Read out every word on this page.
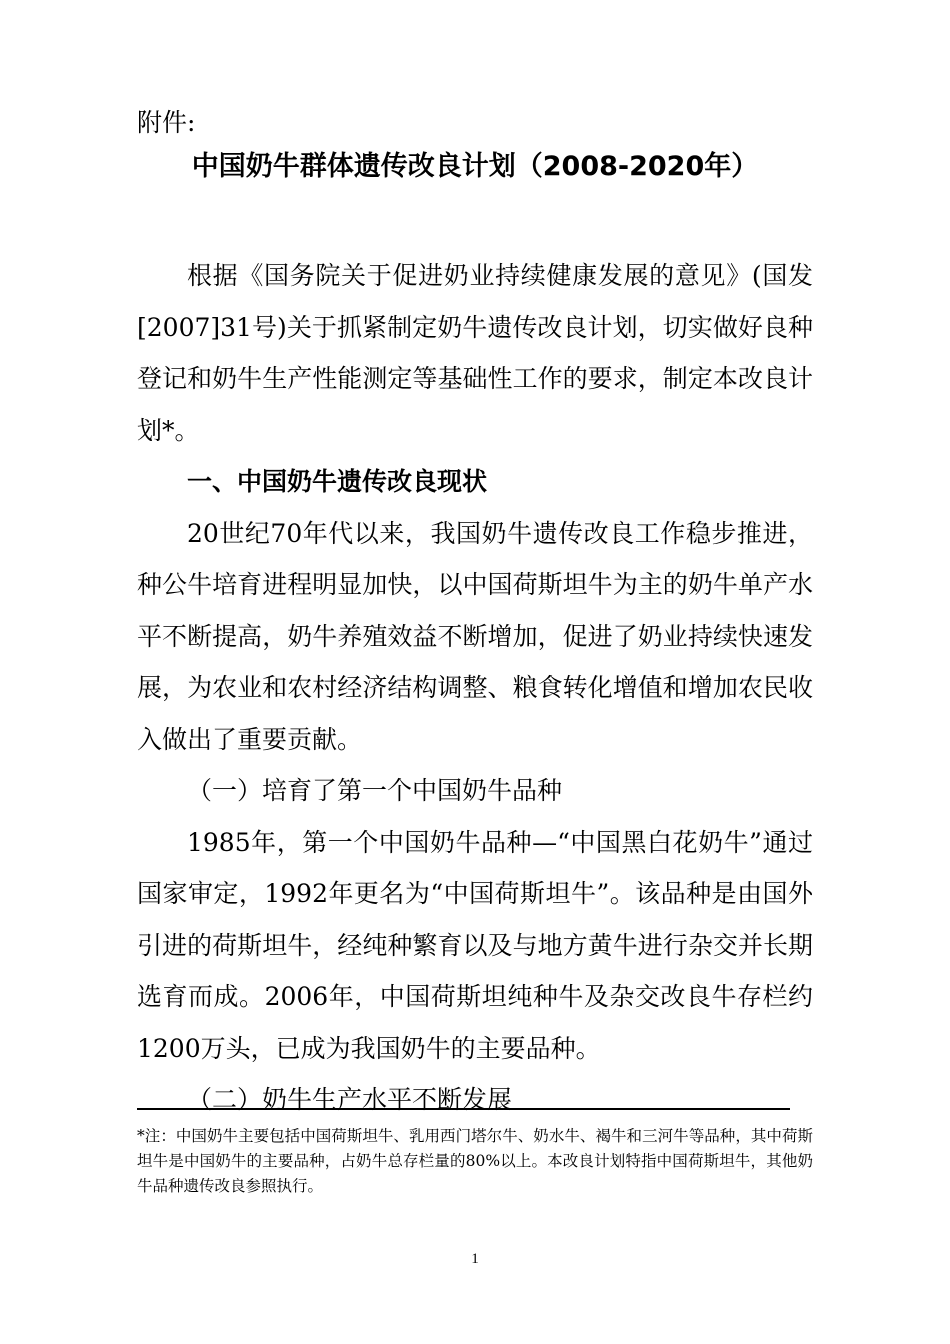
附件:
中国奶牛群体遗传改良计划（2008-2020年）

根据《国务院关于促进奶业持续健康发展的意见》(国发[2007]31号)关于抓紧制定奶牛遗传改良计划，切实做好良种登记和奶牛生产性能测定等基础性工作的要求，制定本改良计划*。

一、中国奶牛遗传改良现状

20世纪70年代以来，我国奶牛遗传改良工作稳步推进，种公牛培育进程明显加快，以中国荷斯坦牛为主的奶牛单产水平不断提高，奶牛养殖效益不断增加，促进了奶业持续快速发展，为农业和农村经济结构调整、粮食转化增值和增加农民收入做出了重要贡献。

（一）培育了第一个中国奶牛品种

1985年，第一个中国奶牛品种—“中国黑白花奶牛”通过国家审定，1992年更名为“中国荷斯坦牛”。该品种是由国外引进的荷斯坦牛，经纯种繁育以及与地方黄牛进行杂交并长期选育而成。2006年，中国荷斯坦纯种牛及杂交改良牛存栏约1200万头，已成为我国奶牛的主要品种。

（二）奶牛生产水平不断发展

*注：中国奶牛主要包括中国荷斯坦牛、乳用西门塔尔牛、奶水牛、褐牛和三河牛等品种，其中荷斯坦牛是中国奶牛的主要品种，占奶牛总存栏量的80%以上。本改良计划特指中国荷斯坦牛，其他奶牛品种遗传改良参照执行。

1
